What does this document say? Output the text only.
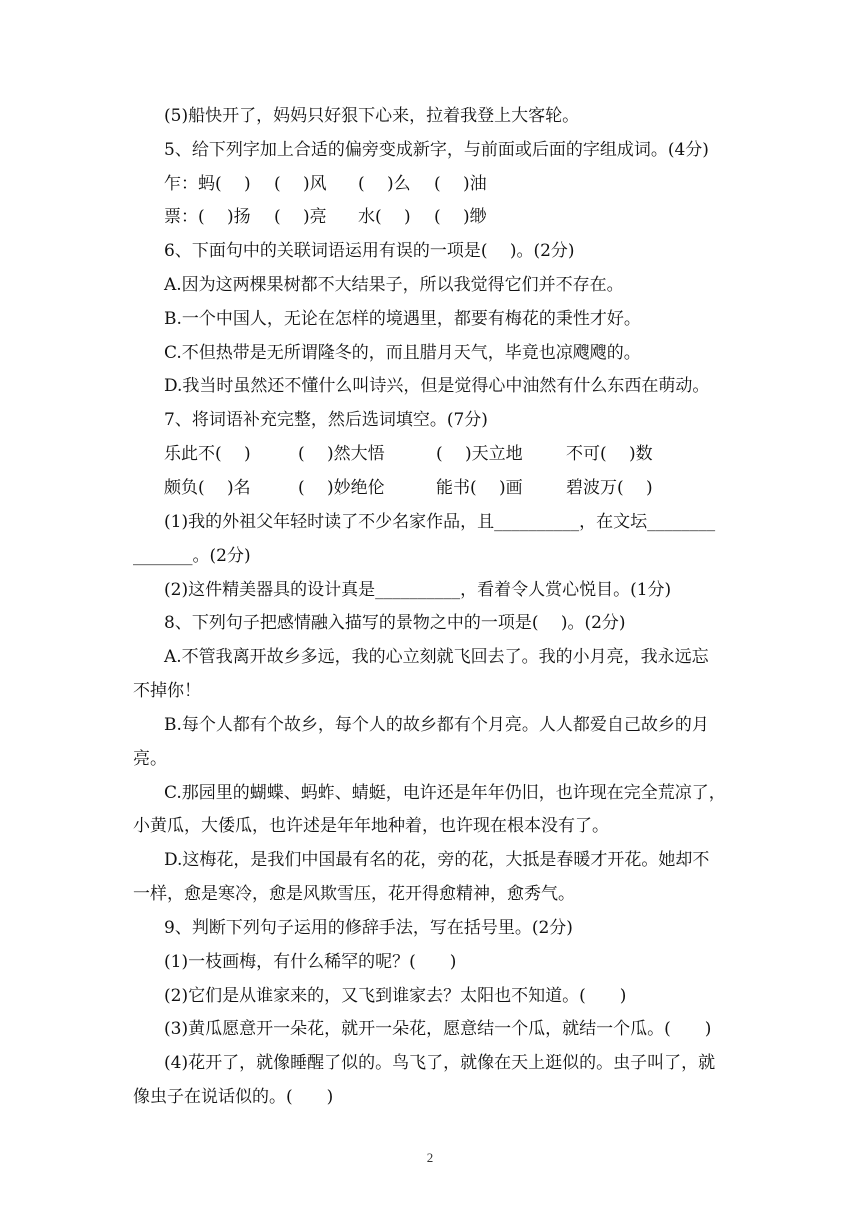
(5)船快开了，妈妈只好狠下心来，拉着我登上大客轮。
5、给下列字加上合适的偏旁变成新字，与前面或后面的字组成词。(4分)
乍：蚂(　 ) (　 )风 (　 )么 (　 )油
票：(　 )扬 (　 )亮 水(　 ) (　 )缈
6、下面句中的关联词语运用有误的一项是(　 )。(2分)
A.因为这两棵果树都不大结果子，所以我觉得它们并不存在。
B.一个中国人，无论在怎样的境遇里，都要有梅花的秉性才好。
C.不但热带是无所谓隆冬的，而且腊月天气，毕竟也凉飕飕的。
D.我当时虽然还不懂什么叫诗兴，但是觉得心中油然有什么东西在萌动。
7、将词语补充完整，然后选词填空。(7分)
乐此不(　 )	(　 )然大悟	(　 )天立地	不可(　 )数
颇负(　 )名	(　 )妙绝伦	能书(　 )画	碧波万(　 )
(1)我的外祖父年轻时读了不少名家作品，且__________，在文坛________
_______。(2分)
(2)这件精美器具的设计真是__________，看着令人赏心悦目。(1分)
8、下列句子把感情融入描写的景物之中的一项是(　 )。(2分)
A.不管我离开故乡多远，我的心立刻就飞回去了。我的小月亮，我永远忘
不掉你！
B.每个人都有个故乡，每个人的故乡都有个月亮。人人都爱自己故乡的月
亮。
C.那园里的蝴蝶、蚂蚱、蜻蜓，电许还是年年仍旧，也许现在完全荒凉了，
小黄瓜，大倭瓜，也许述是年年地种着，也许现在根本没有了。
D.这梅花，是我们中国最有名的花，旁的花，大抵是春暖才开花。她却不
一样，愈是寒冷，愈是风欺雪压，花开得愈精神，愈秀气。
9、判断下列句子运用的修辞手法，写在括号里。(2分)
(1)一枝画梅，有什么稀罕的呢？(　　)
(2)它们是从谁家来的，又飞到谁家去？太阳也不知道。(　　)
(3)黄瓜愿意开一朵花，就开一朵花，愿意结一个瓜，就结一个瓜。(　　)
(4)花开了，就像睡醒了似的。鸟飞了，就像在天上逛似的。虫子叫了，就
像虫子在说话似的。(　　)
2
